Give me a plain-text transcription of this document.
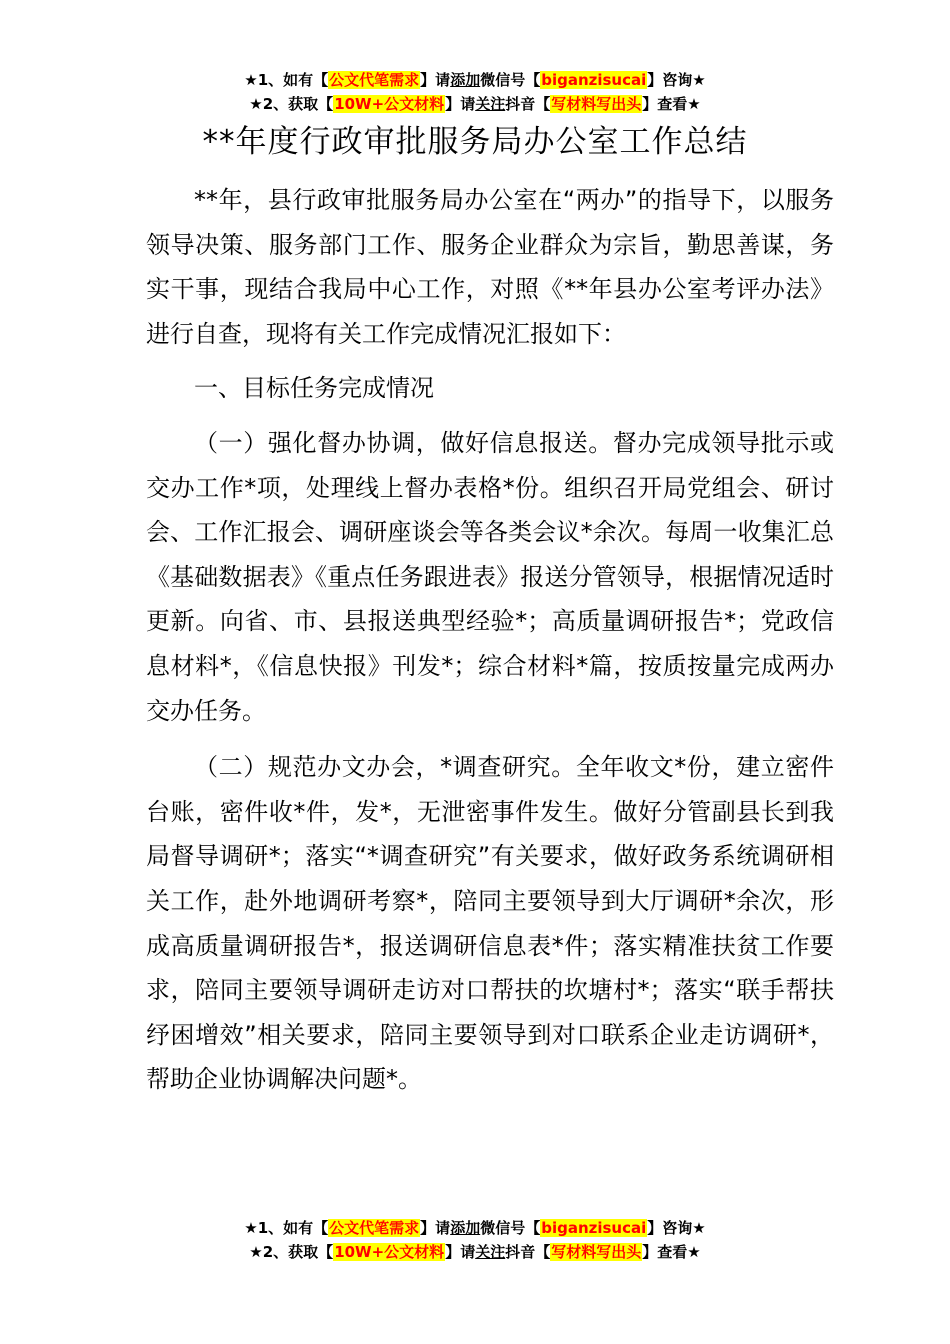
★1、如有【公文代笔需求】请添加微信号【biganzisucai】咨询★
★2、获取【10W+公文材料】请关注抖音【写材料写出头】查看★
**年度行政审批服务局办公室工作总结

**年，县行政审批服务局办公室在“两办”的指导下，以服务领导决策、服务部门工作、服务企业群众为宗旨，勤思善谋，务实干事，现结合我局中心工作，对照《**年县办公室考评办法》进行自查，现将有关工作完成情况汇报如下：

一、目标任务完成情况

（一）强化督办协调，做好信息报送。督办完成领导批示或交办工作*项，处理线上督办表格*份。组织召开局党组会、研讨会、工作汇报会、调研座谈会等各类会议*余次。每周一收集汇总《基础数据表》《重点任务跟进表》报送分管领导，根据情况适时更新。向省、市、县报送典型经验*；高质量调研报告*；党政信息材料*，《信息快报》刊发*；综合材料*篇，按质按量完成两办交办任务。

（二）规范办文办会，*调查研究。全年收文*份，建立密件台账，密件收*件，发*，无泄密事件发生。做好分管副县长到我局督导调研*；落实“*调查研究”有关要求，做好政务系统调研相关工作，赴外地调研考察*，陪同主要领导到大厅调研*余次，形成高质量调研报告*，报送调研信息表*件；落实精准扶贫工作要求，陪同主要领导调研走访对口帮扶的坎塘村*；落实“联手帮扶纾困增效”相关要求，陪同主要领导到对口联系企业走访调研*，帮助企业协调解决问题*。

★1、如有【公文代笔需求】请添加微信号【biganzisucai】咨询★
★2、获取【10W+公文材料】请关注抖音【写材料写出头】查看★
